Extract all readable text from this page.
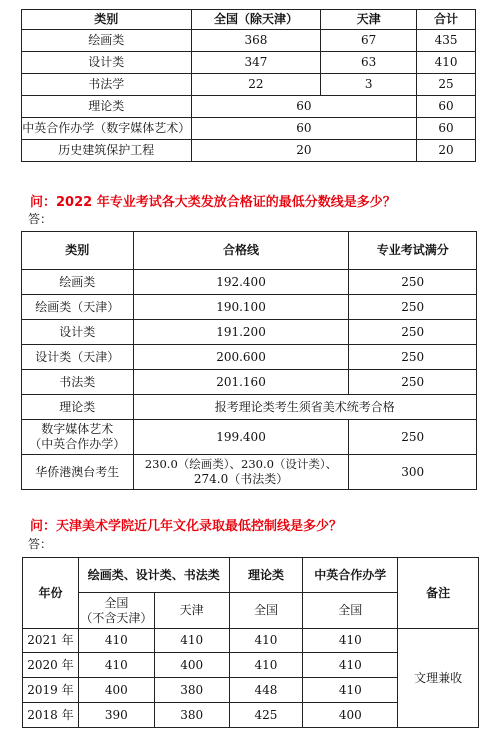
类别	全国（除天津）	天津	合计
绘画类	368	67	435
设计类	347	63	410
书法学	22	3	25
理论类	60		60
中英合作办学（数字媒体艺术）	60		60
历史建筑保护工程	20		20
问：2022 年专业考试各大类发放合格证的最低分数线是多少？
答：
类别	合格线	专业考试满分
绘画类	192.400	250
绘画类（天津）	190.100	250
设计类	191.200	250
设计类（天津）	200.600	250
书法类	201.160	250
理论类	报考理论类考生须省美术统考合格	

数字媒体艺术
（中英合作办学）	199.400	250
华侨港澳台考生	230.0（绘画类）、230.0（设计类）、
274.0（书法类）	300
问：天津美术学院近几年文化录取最低控制线是多少？
答：
年份	绘画类、设计类、书法类		理论类	中英合作办学	备注

	全国
（不含天津）	天津	全国	全国	
2021 年	410	410	410	410	文理兼收
2020 年	410	400	410	410	
2019 年	400	380	448	410	
2018 年	390	380	425	400	
